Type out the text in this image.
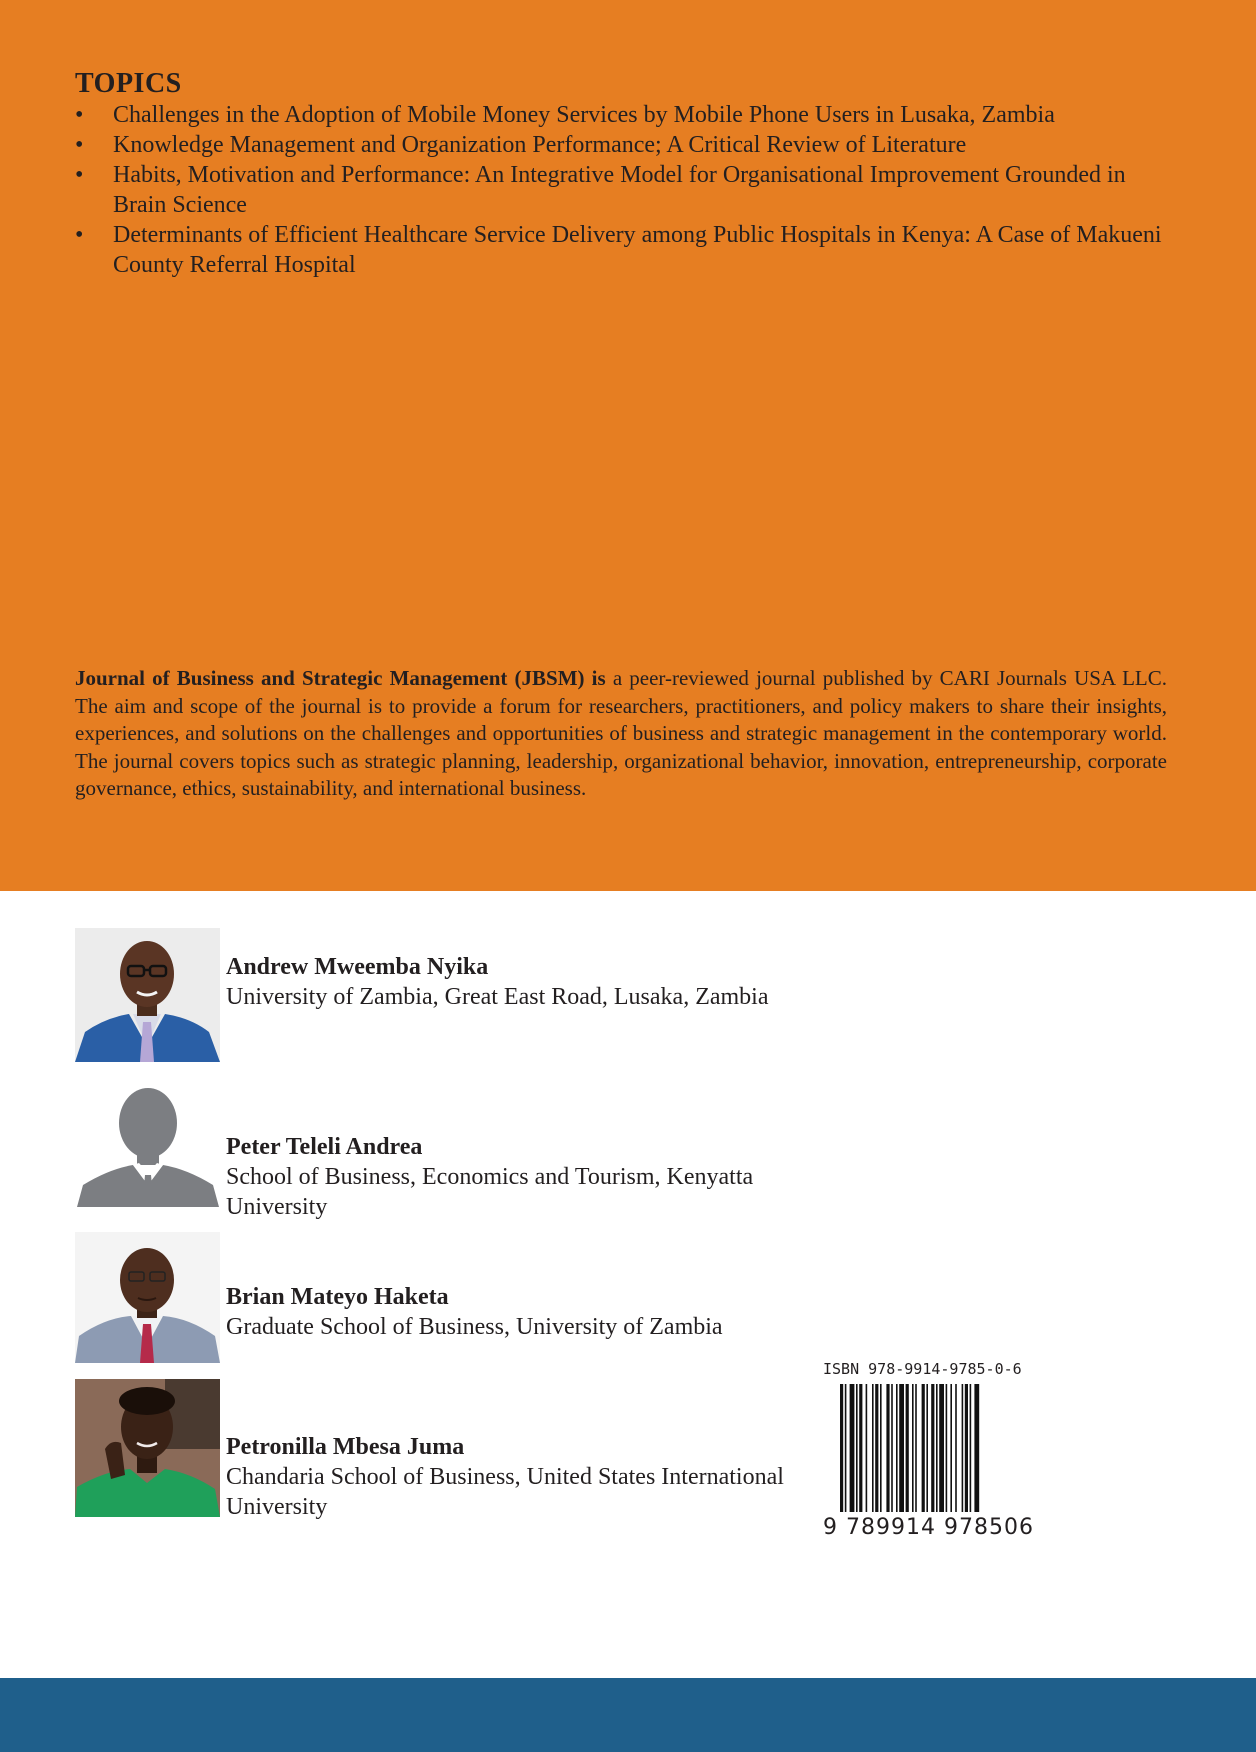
TOPICS
• Challenges in the Adoption of Mobile Money Services by Mobile Phone Users in Lusaka, Zambia
• Knowledge Management and Organization Performance; A Critical Review of Literature
• Habits, Motivation and Performance: An Integrative Model for Organisational Improvement Grounded in Brain Science
• Determinants of Efficient Healthcare Service Delivery among Public Hospitals in Kenya: A Case of Makueni County Referral Hospital

Journal of Business and Strategic Management (JBSM) is a peer-reviewed journal published by CARI Journals USA LLC. The aim and scope of the journal is to provide a forum for researchers, practitioners, and policy makers to share their insights, experiences, and solutions on the challenges and opportunities of business and strategic management in the contemporary world. The journal covers topics such as strategic planning, leadership, organizational behavior, innovation, entrepreneurship, corporate governance, ethics, sustainability, and international business.

Andrew Mweemba Nyika
University of Zambia, Great East Road, Lusaka, Zambia
Peter Teleli Andrea
School of Business, Economics and Tourism, Kenyatta University
Brian Mateyo Haketa
Graduate School of Business, University of Zambia
Petronilla Mbesa Juma
Chandaria School of Business, United States International University
ISBN 978-9914-9785-0-6
9 789914 978506
